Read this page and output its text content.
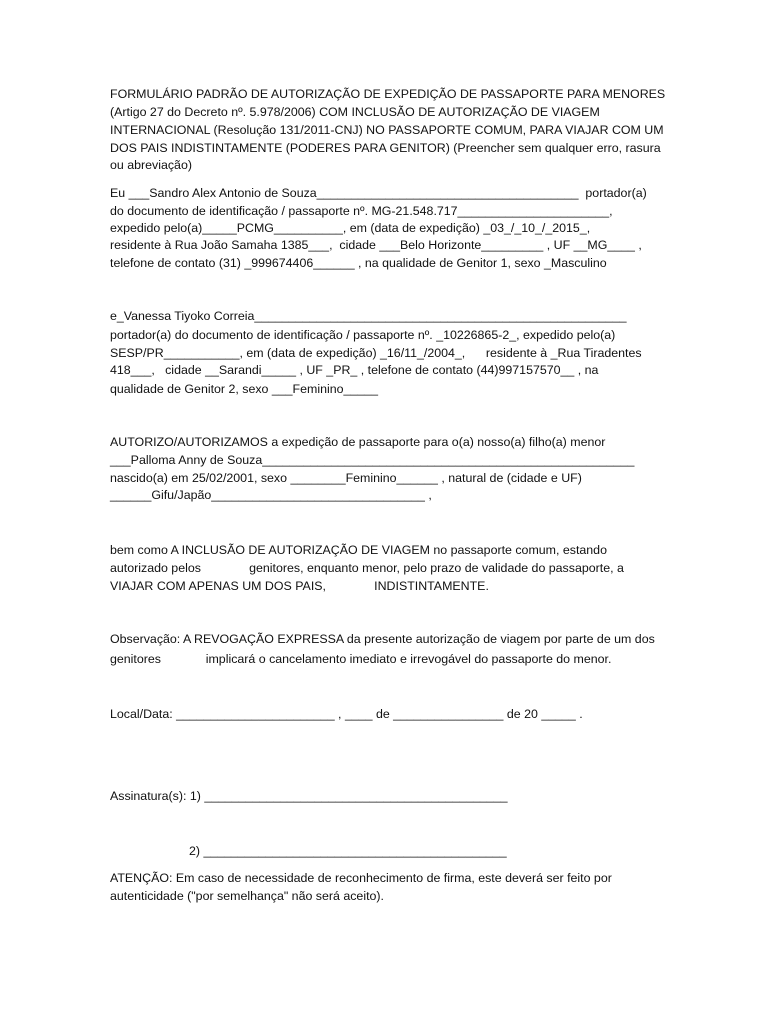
FORMULÁRIO PADRÃO DE AUTORIZAÇÃO DE EXPEDIÇÃO DE PASSAPORTE PARA MENORES
(Artigo 27 do Decreto nº. 5.978/2006) COM INCLUSÃO DE AUTORIZAÇÃO DE VIAGEM
INTERNACIONAL (Resolução 131/2011-CNJ) NO PASSAPORTE COMUM, PARA VIAJAR COM UM
DOS PAIS INDISTINTAMENTE (PODERES PARA GENITOR) (Preencher sem qualquer erro, rasura
ou abreviação)
Eu ___Sandro Alex Antonio de Souza______________________________________  portador(a)
do documento de identificação / passaporte nº. MG-21.548.717______________________,
expedido pelo(a)_____PCMG__________, em (data de expedição) _03_/_10_/_2015_,
residente à Rua João Samaha 1385___,  cidade ___Belo Horizonte_________ , UF __MG____ ,
telefone de contato (31) _999674406______ , na qualidade de Genitor 1, sexo _Masculino
e_Vanessa Tiyoko Correia______________________________________________________
portador(a) do documento de identificação / passaporte nº. _10226865-2_, expedido pelo(a)
SESP/PR___________, em (data de expedição) _16/11_/2004_,      residente à _Rua Tiradentes
418___,   cidade __Sarandi_____ , UF _PR_ , telefone de contato (44)997157570__ , na
qualidade de Genitor 2, sexo ___Feminino_____
AUTORIZO/AUTORIZAMOS a expedição de passaporte para o(a) nosso(a) filho(a) menor
___Palloma Anny de Souza______________________________________________________
nascido(a) em 25/02/2001, sexo ________Feminino______ , natural de (cidade e UF)
______Gifu/Japão_______________________________ ,
bem como A INCLUSÃO DE AUTORIZAÇÃO DE VIAGEM no passaporte comum, estando
autorizado pelos              genitores, enquanto menor, pelo prazo de validade do passaporte, a
VIAJAR COM APENAS UM DOS PAIS,              INDISTINTAMENTE.
Observação: A REVOGAÇÃO EXPRESSA da presente autorização de viagem por parte de um dos
genitores             implicará o cancelamento imediato e irrevogável do passaporte do menor.
Local/Data: _______________________ , ____ de ________________ de 20 _____ .
Assinatura(s): 1) ____________________________________________
2) ____________________________________________
ATENÇÃO: Em caso de necessidade de reconhecimento de firma, este deverá ser feito por
autenticidade ("por semelhança" não será aceito).
